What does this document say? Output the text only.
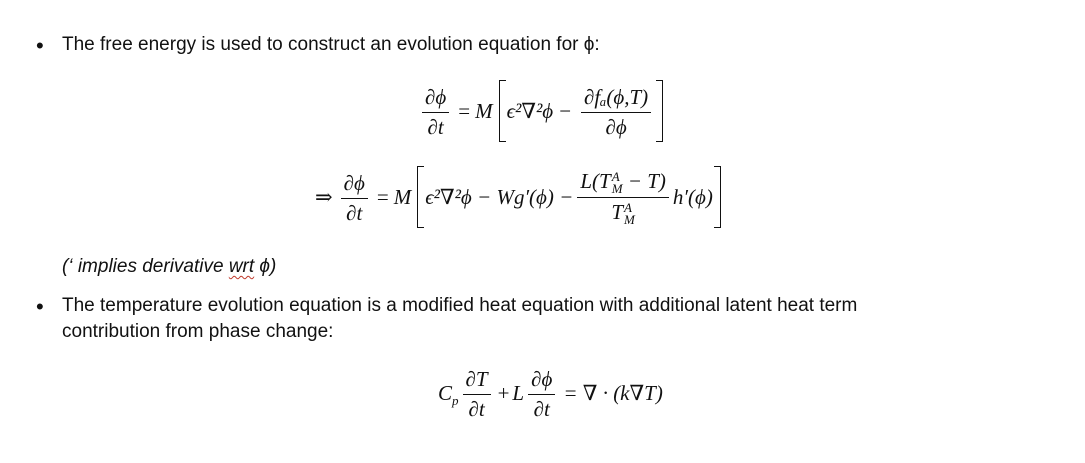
• The free energy is used to construct an evolution equation for ϕ:
$\frac{\partial\phi}{\partial t} = M$ $\epsilon^2\nabla^2\phi - \frac{\text{∂fₐ(ϕ,T)}}{\partial\phi}$
⇒ $\frac{\partial\phi}{\partial t} = M$ ϵ²∇²ϕ − Wg′(ϕ) − L(T A
M − T)
T A
M h′(ϕ)
(‘ implies derivative wrt ϕ)
• The temperature evolution equation is a modified heat equation with additional latent heat term
contribution from phase change:
$C_p \frac{\partial T}{\partial t} + L \frac{\partial\phi}{\partial t}$ = ∇ · (k∇T)
